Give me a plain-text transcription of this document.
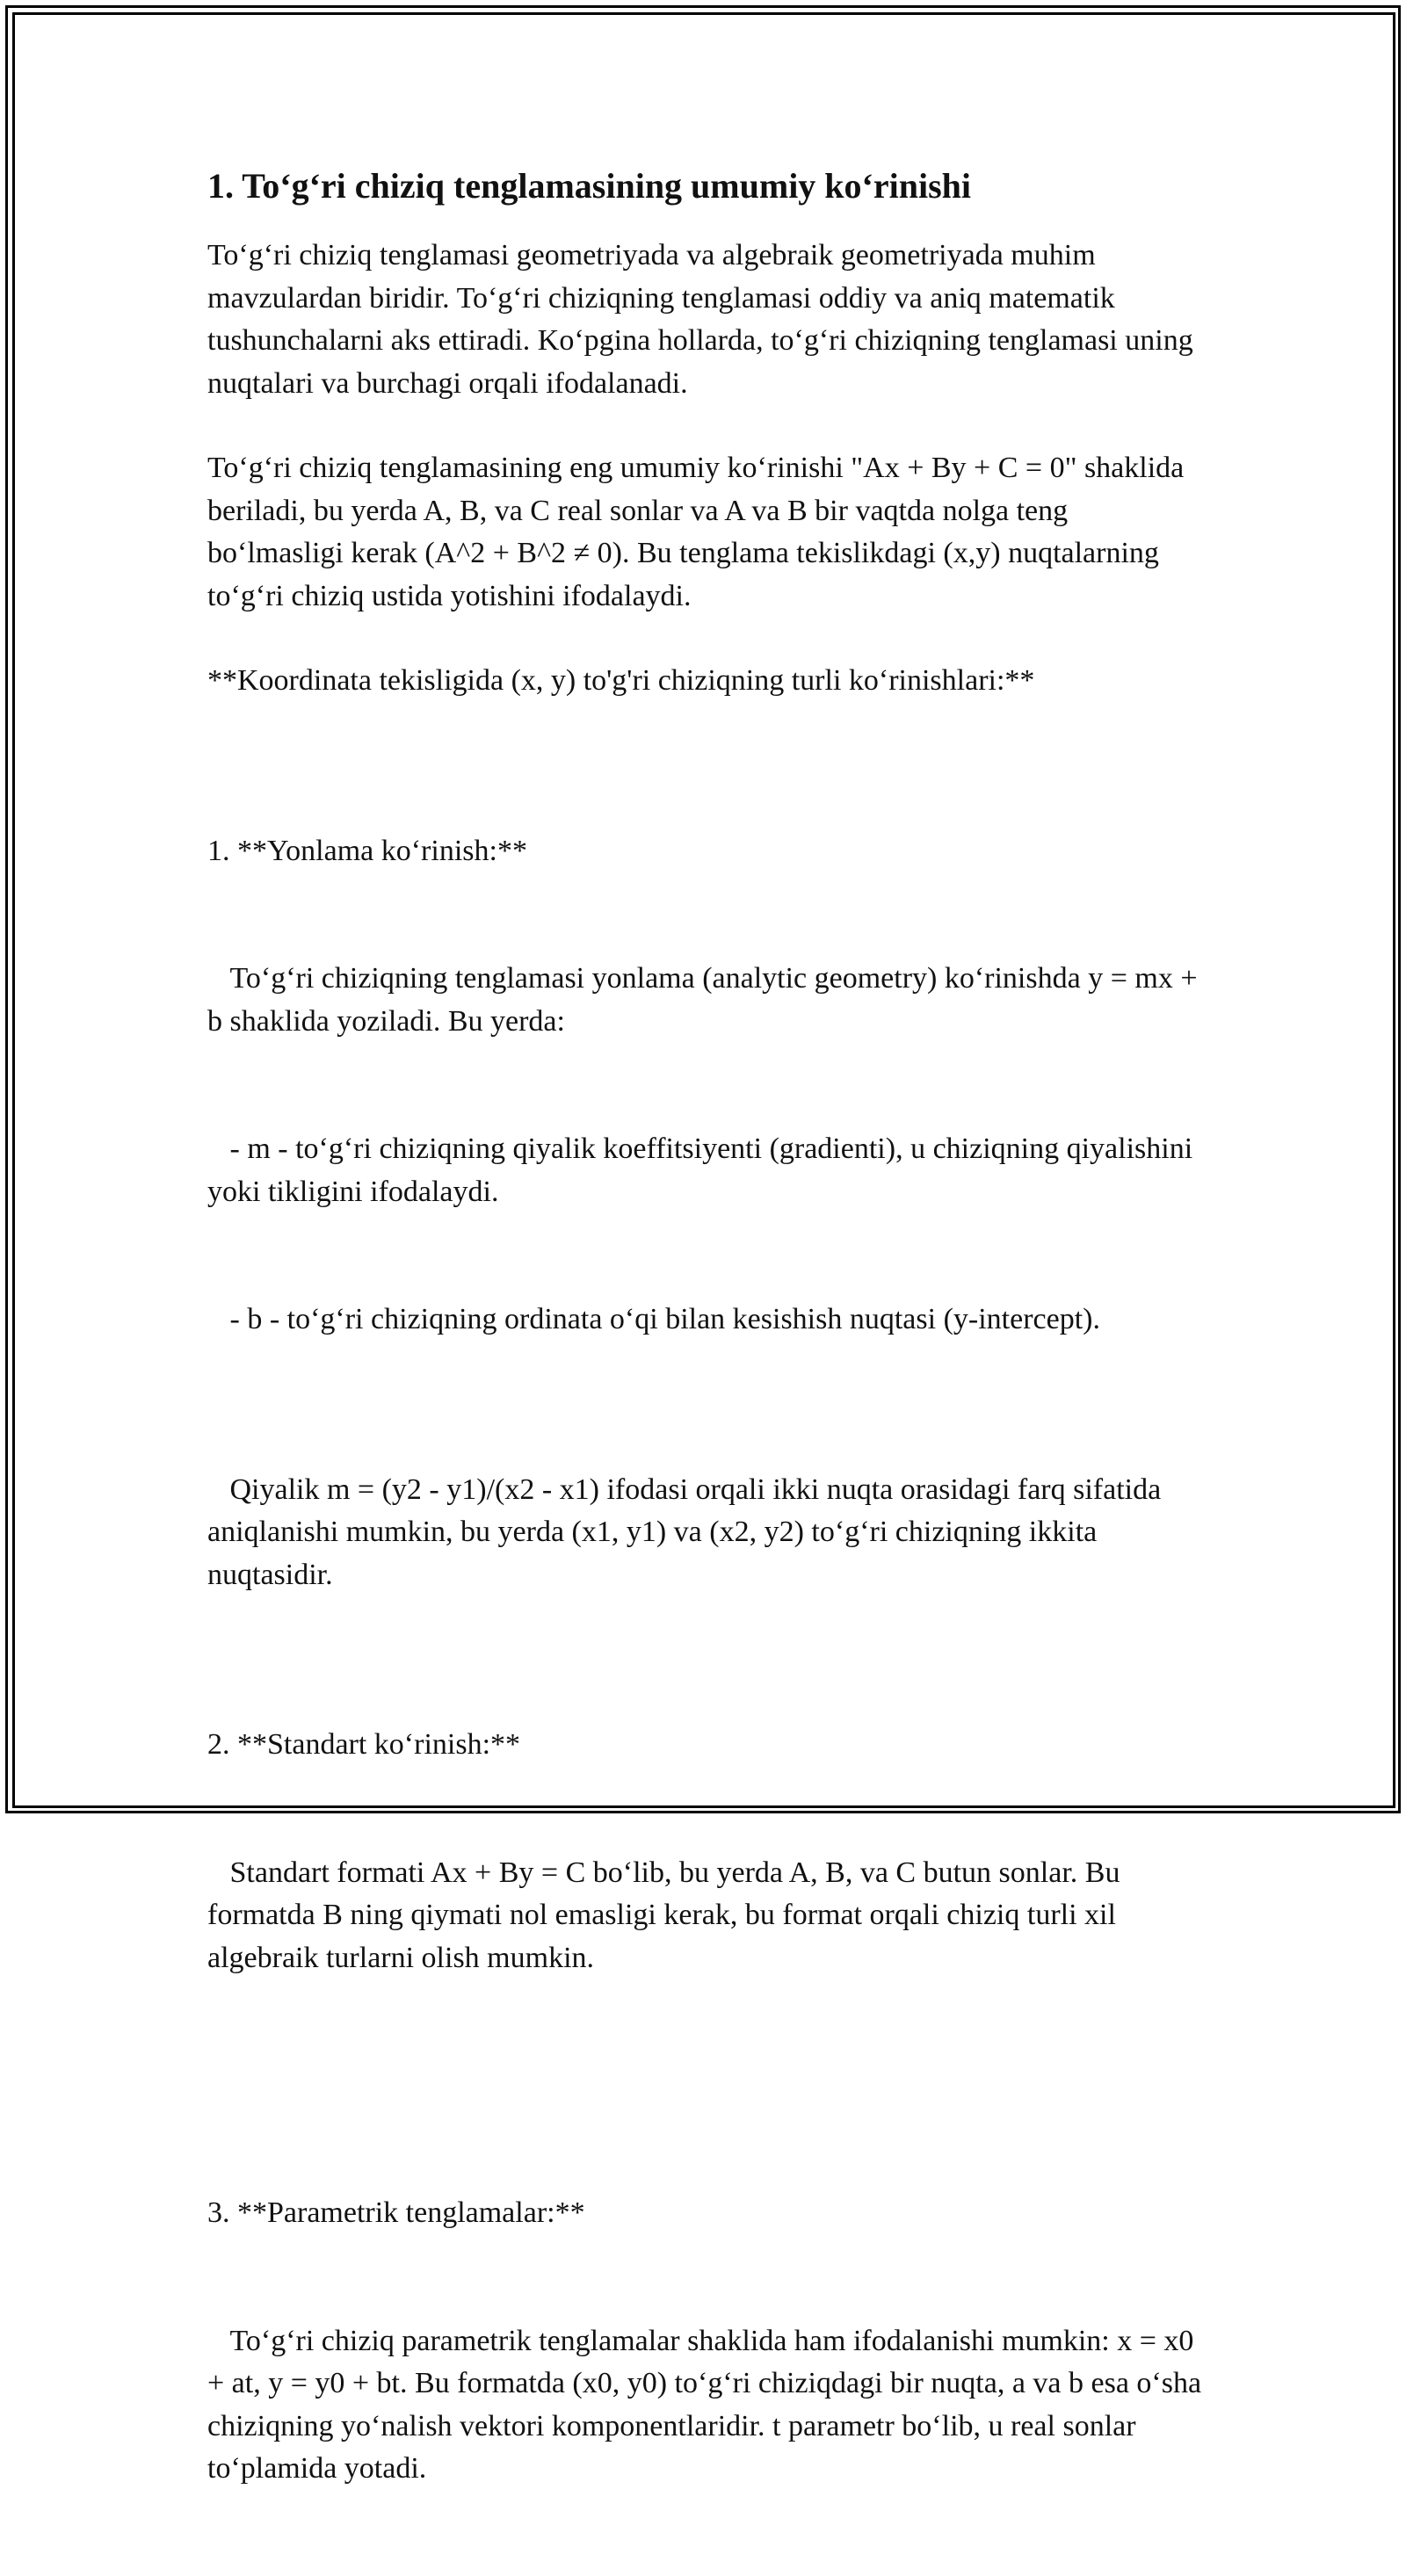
1. To‘g‘ri chiziq tenglamasining umumiy ko‘rinishi

To‘g‘ri chiziq tenglamasi geometriyada va algebraik geometriyada muhim mavzulardan biridir. To‘g‘ri chiziqning tenglamasi oddiy va aniq matematik tushunchalarni aks ettiradi. Ko‘pgina hollarda, to‘g‘ri chiziqning tenglamasi uning nuqtalari va burchagi orqali ifodalanadi.

To‘g‘ri chiziq tenglamasining eng umumiy ko‘rinishi "Ax + By + C = 0" shaklida beriladi, bu yerda A, B, va C real sonlar va A va B bir vaqtda nolga teng bo‘lmasligi kerak (A^2 + B^2 ≠ 0). Bu tenglama tekislikdagi (x,y) nuqtalarning to‘g‘ri chiziq ustida yotishini ifodalaydi.

**Koordinata tekisligida (x, y) to'g'ri chiziqning turli ko‘rinishlari:**

1. **Yonlama ko‘rinish:**

To‘g‘ri chiziqning tenglamasi yonlama (analytic geometry) ko‘rinishda y = mx + b shaklida yoziladi. Bu yerda:

- m - to‘g‘ri chiziqning qiyalik koeffitsiyenti (gradienti), u chiziqning qiyalishini yoki tikligini ifodalaydi.

- b - to‘g‘ri chiziqning ordinata o‘qi bilan kesishish nuqtasi (y-intercept).

Qiyalik m = (y2 - y1)/(x2 - x1) ifodasi orqali ikki nuqta orasidagi farq sifatida aniqlanishi mumkin, bu yerda (x1, y1) va (x2, y2) to‘g‘ri chiziqning ikkita nuqtasidir.

2. **Standart ko‘rinish:**

Standart formati Ax + By = C bo‘lib, bu yerda A, B, va C butun sonlar. Bu formatda B ning qiymati nol emasligi kerak, bu format orqali chiziq turli xil algebraik turlarni olish mumkin.

3. **Parametrik tenglamalar:**

To‘g‘ri chiziq parametrik tenglamalar shaklida ham ifodalanishi mumkin: x = x0 + at, y = y0 + bt. Bu formatda (x0, y0) to‘g‘ri chiziqdagi bir nuqta, a va b esa o‘sha chiziqning yo‘nalish vektori komponentlaridir. t parametr bo‘lib, u real sonlar to‘plamida yotadi.
